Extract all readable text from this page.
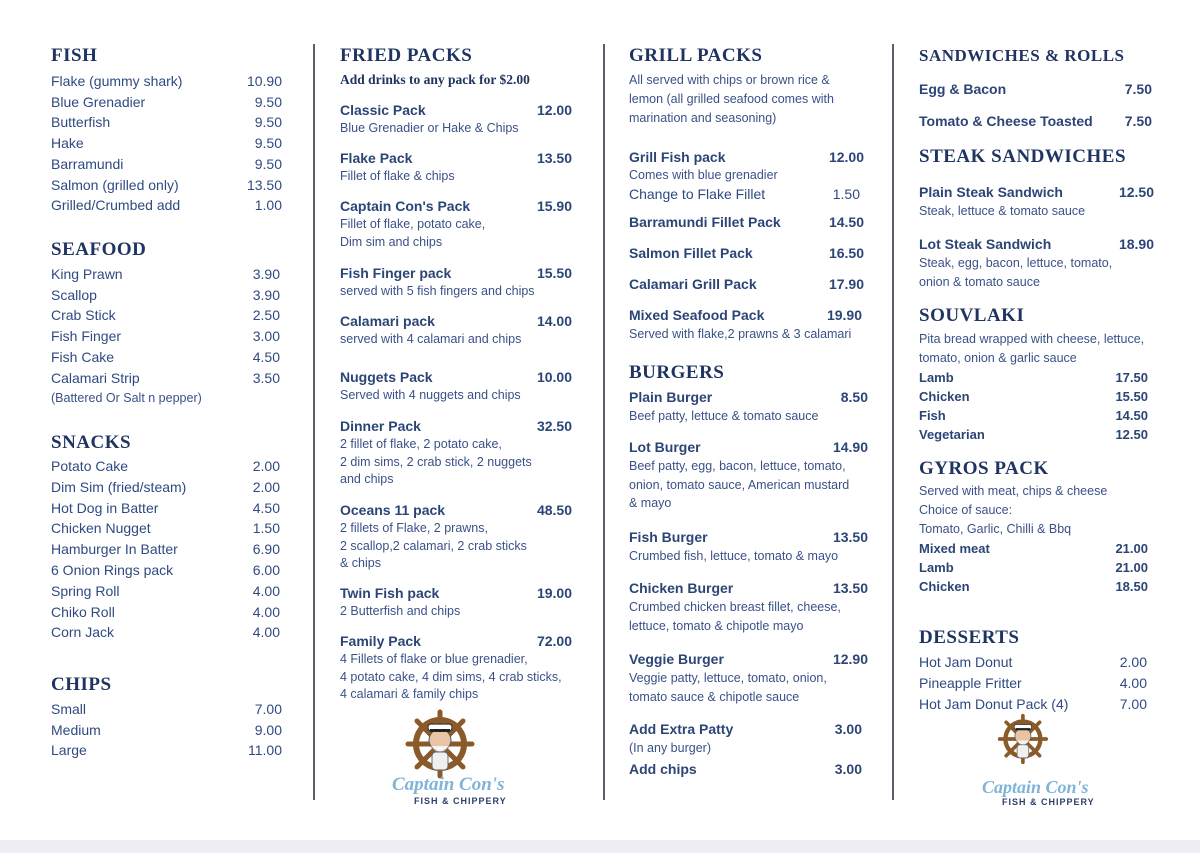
FISH
Flake (gummy shark)	10.90
Blue Grenadier	9.50
Butterfish	9.50
Hake	9.50
Barramundi	9.50
Salmon (grilled only)	13.50
Grilled/Crumbed add	1.00
SEAFOOD
King Prawn	3.90
Scallop	3.90
Crab Stick	2.50
Fish Finger	3.00
Fish Cake	4.50
Calamari Strip	3.50
(Battered Or Salt n pepper)
SNACKS
Potato Cake	2.00
Dim Sim (fried/steam)	2.00
Hot Dog in Batter	4.50
Chicken Nugget	1.50
Hamburger In Batter	6.90
6 Onion Rings pack	6.00
Spring Roll	4.00
Chiko Roll	4.00
Corn Jack	4.00
CHIPS
Small	7.00
Medium	9.00
Large	11.00
FRIED PACKS
Add drinks to any pack for $2.00
Classic Pack	12.00
Blue Grenadier or Hake & Chips
Flake Pack	13.50
Fillet of flake & chips
Captain Con's Pack	15.90
Fillet of flake, potato cake,
Dim sim and chips
Fish Finger pack	15.50
served with 5 fish fingers and chips
Calamari pack	14.00
served with 4 calamari and chips
Nuggets Pack	10.00
Served with 4 nuggets and chips
Dinner Pack	32.50
2 fillet of flake, 2 potato cake,
2 dim sims, 2 crab stick, 2 nuggets
and chips
Oceans 11 pack	48.50
2 fillets of Flake, 2 prawns,
2 scallop,2 calamari, 2 crab sticks
& chips
Twin Fish pack	19.00
2 Butterfish and chips
Family Pack	72.00
4 Fillets of flake or blue grenadier,
4 potato cake, 4 dim sims, 4 crab sticks,
4 calamari & family chips
Captain Con's
FISH & CHIPPERY
GRILL PACKS
All served with chips or brown rice &
lemon (all grilled seafood comes with
marination and seasoning)
Grill Fish pack	12.00
Comes with blue grenadier
Change to Flake Fillet	1.50
Barramundi Fillet Pack	14.50
Salmon Fillet Pack	16.50
Calamari Grill Pack	17.90
Mixed Seafood Pack	19.90
Served with flake,2 prawns & 3 calamari
BURGERS
Plain Burger	8.50
Beef patty, lettuce & tomato sauce
Lot Burger	14.90
Beef patty, egg, bacon, lettuce, tomato,
onion, tomato sauce, American mustard
& mayo
Fish Burger	13.50
Crumbed fish, lettuce, tomato & mayo
Chicken Burger	13.50
Crumbed chicken breast fillet, cheese,
lettuce, tomato & chipotle mayo
Veggie Burger	12.90
Veggie patty, lettuce, tomato, onion,
tomato sauce & chipotle sauce
Add Extra Patty	3.00
(In any burger)
Add chips	3.00
SANDWICHES & ROLLS
Egg & Bacon	7.50
Tomato & Cheese Toasted	7.50
STEAK SANDWICHES
Plain Steak Sandwich	12.50
Steak, lettuce & tomato sauce
Lot Steak Sandwich	18.90
Steak, egg, bacon, lettuce, tomato,
onion & tomato sauce
SOUVLAKI
Pita bread wrapped with cheese, lettuce,
tomato, onion & garlic sauce
Lamb	17.50
Chicken	15.50
Fish	14.50
Vegetarian	12.50
GYROS PACK
Served with meat, chips & cheese
Choice of sauce:
Tomato, Garlic, Chilli & Bbq
Mixed meat	21.00
Lamb	21.00
Chicken	18.50
DESSERTS
Hot Jam Donut	2.00
Pineapple Fritter	4.00
Hot Jam Donut Pack (4)	7.00
Captain Con's
FISH & CHIPPERY
